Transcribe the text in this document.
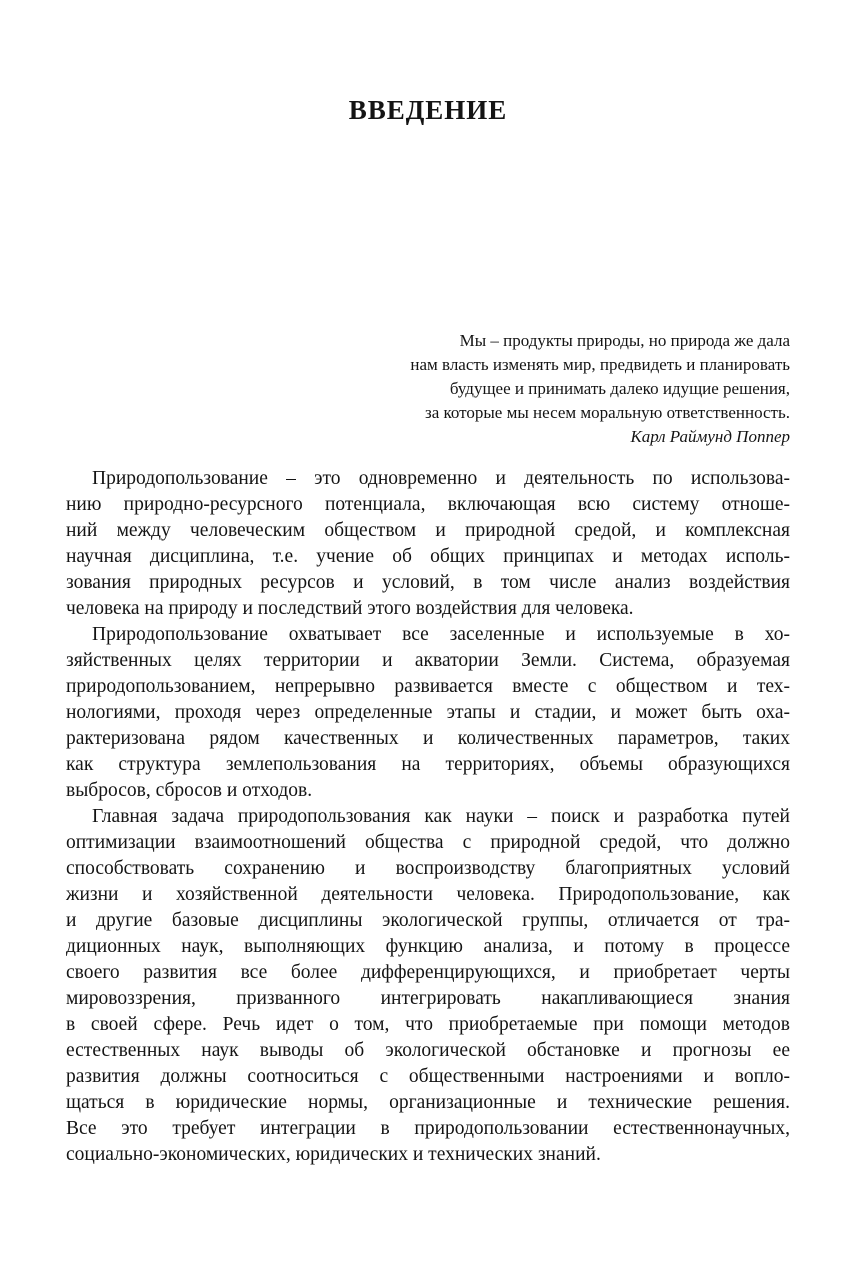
ВВЕДЕНИЕ
Мы – продукты природы, но природа же дала
нам власть изменять мир, предвидеть и планировать
будущее и принимать далеко идущие решения,
за которые мы несем моральную ответственность.
Карл Раймунд Поппер
Природопользование – это одновременно и деятельность по использова-
нию природно-ресурсного потенциала, включающая всю систему отноше-
ний между человеческим обществом и природной средой, и комплексная
научная дисциплина, т.е. учение об общих принципах и методах исполь-
зования природных ресурсов и условий, в том числе анализ воздействия
человека на природу и последствий этого воздействия для человека.
Природопользование охватывает все заселенные и используемые в хо-
зяйственных целях территории и акватории Земли. Система, образуемая
природопользованием, непрерывно развивается вместе с обществом и тех-
нологиями, проходя через определенные этапы и стадии, и может быть оха-
рактеризована рядом качественных и количественных параметров, таких
как структура землепользования на территориях, объемы образующихся
выбросов, сбросов и отходов.
Главная задача природопользования как науки – поиск и разработка путей
оптимизации взаимоотношений общества с природной средой, что должно
способствовать сохранению и воспроизводству благоприятных условий
жизни и хозяйственной деятельности человека. Природопользование, как
и другие базовые дисциплины экологической группы, отличается от тра-
диционных наук, выполняющих функцию анализа, и потому в процессе
своего развития все более дифференцирующихся, и приобретает черты
мировоззрения, призванного интегрировать накапливающиеся знания
в своей сфере. Речь идет о том, что приобретаемые при помощи методов
естественных наук выводы об экологической обстановке и прогнозы ее
развития должны соотноситься с общественными настроениями и вопло-
щаться в юридические нормы, организационные и технические решения.
Все это требует интеграции в природопользовании естественнонаучных,
социально-экономических, юридических и технических знаний.
